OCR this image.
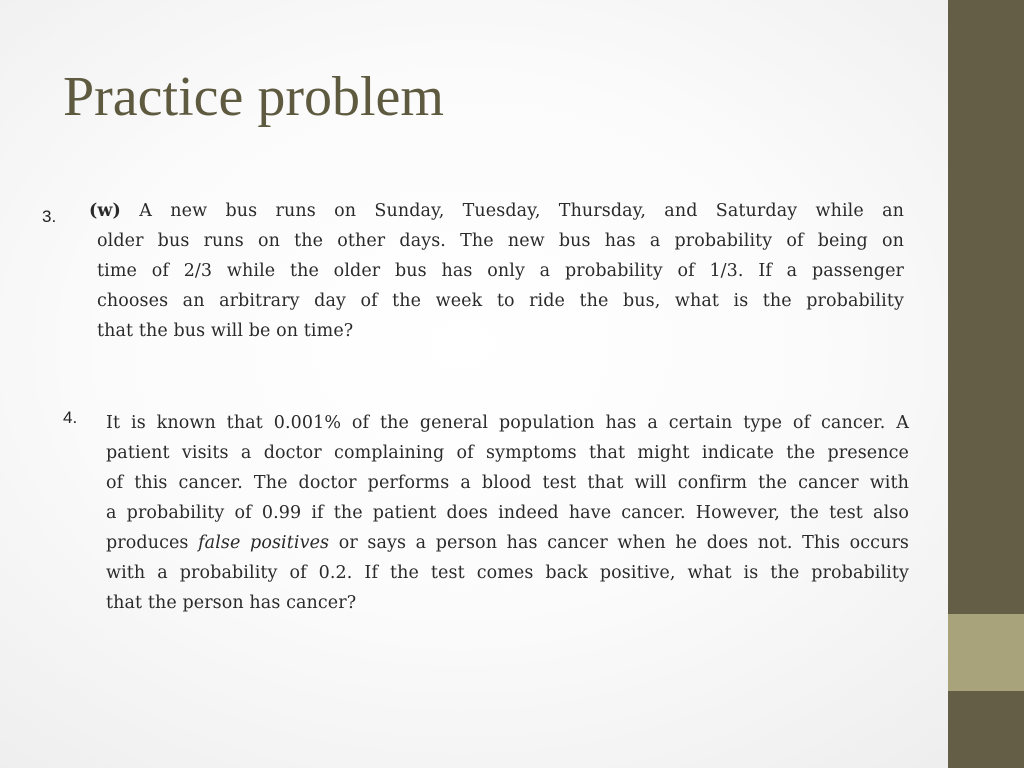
Practice problem
3. (w) A new bus runs on Sunday, Tuesday, Thursday, and Saturday while an
older bus runs on the other days. The new bus has a probability of being on
time of 2/3 while the older bus has only a probability of 1/3. If a passenger
chooses an arbitrary day of the week to ride the bus, what is the probability
that the bus will be on time?
4. It is known that 0.001% of the general population has a certain type of cancer. A
patient visits a doctor complaining of symptoms that might indicate the presence
of this cancer. The doctor performs a blood test that will confirm the cancer with
a probability of 0.99 if the patient does indeed have cancer. However, the test also
produces false positives or says a person has cancer when he does not. This occurs
with a probability of 0.2. If the test comes back positive, what is the probability
that the person has cancer?
